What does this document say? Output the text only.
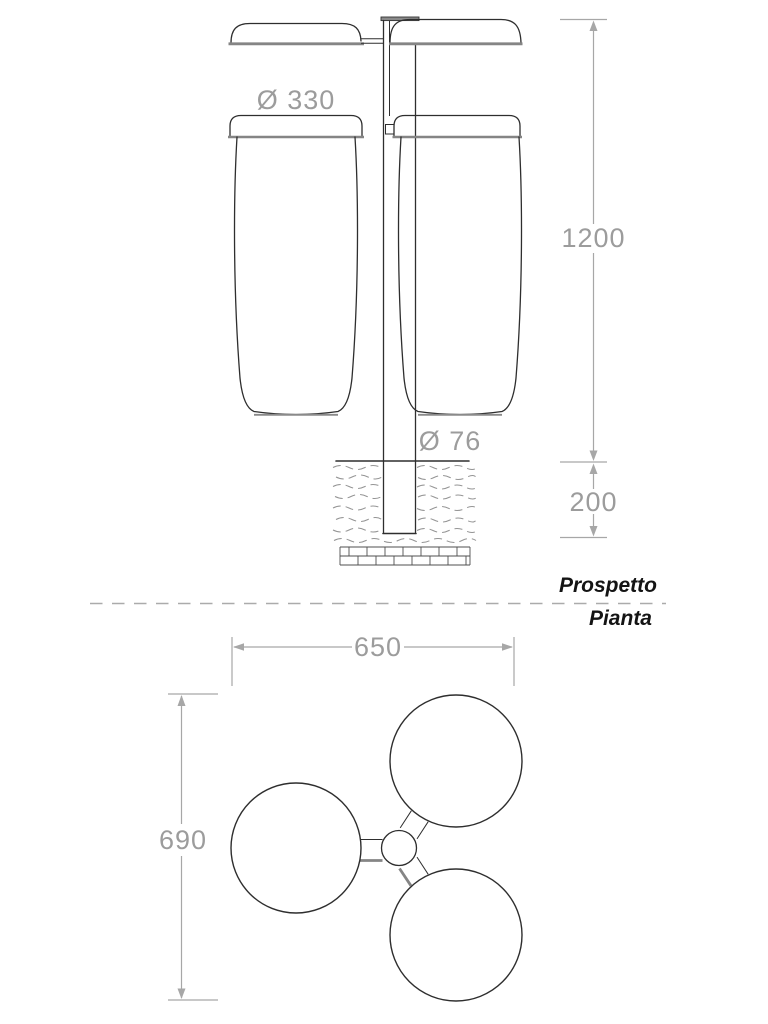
Ø 330
Ø 76
1200
200
Prospetto
Pianta
650
690
